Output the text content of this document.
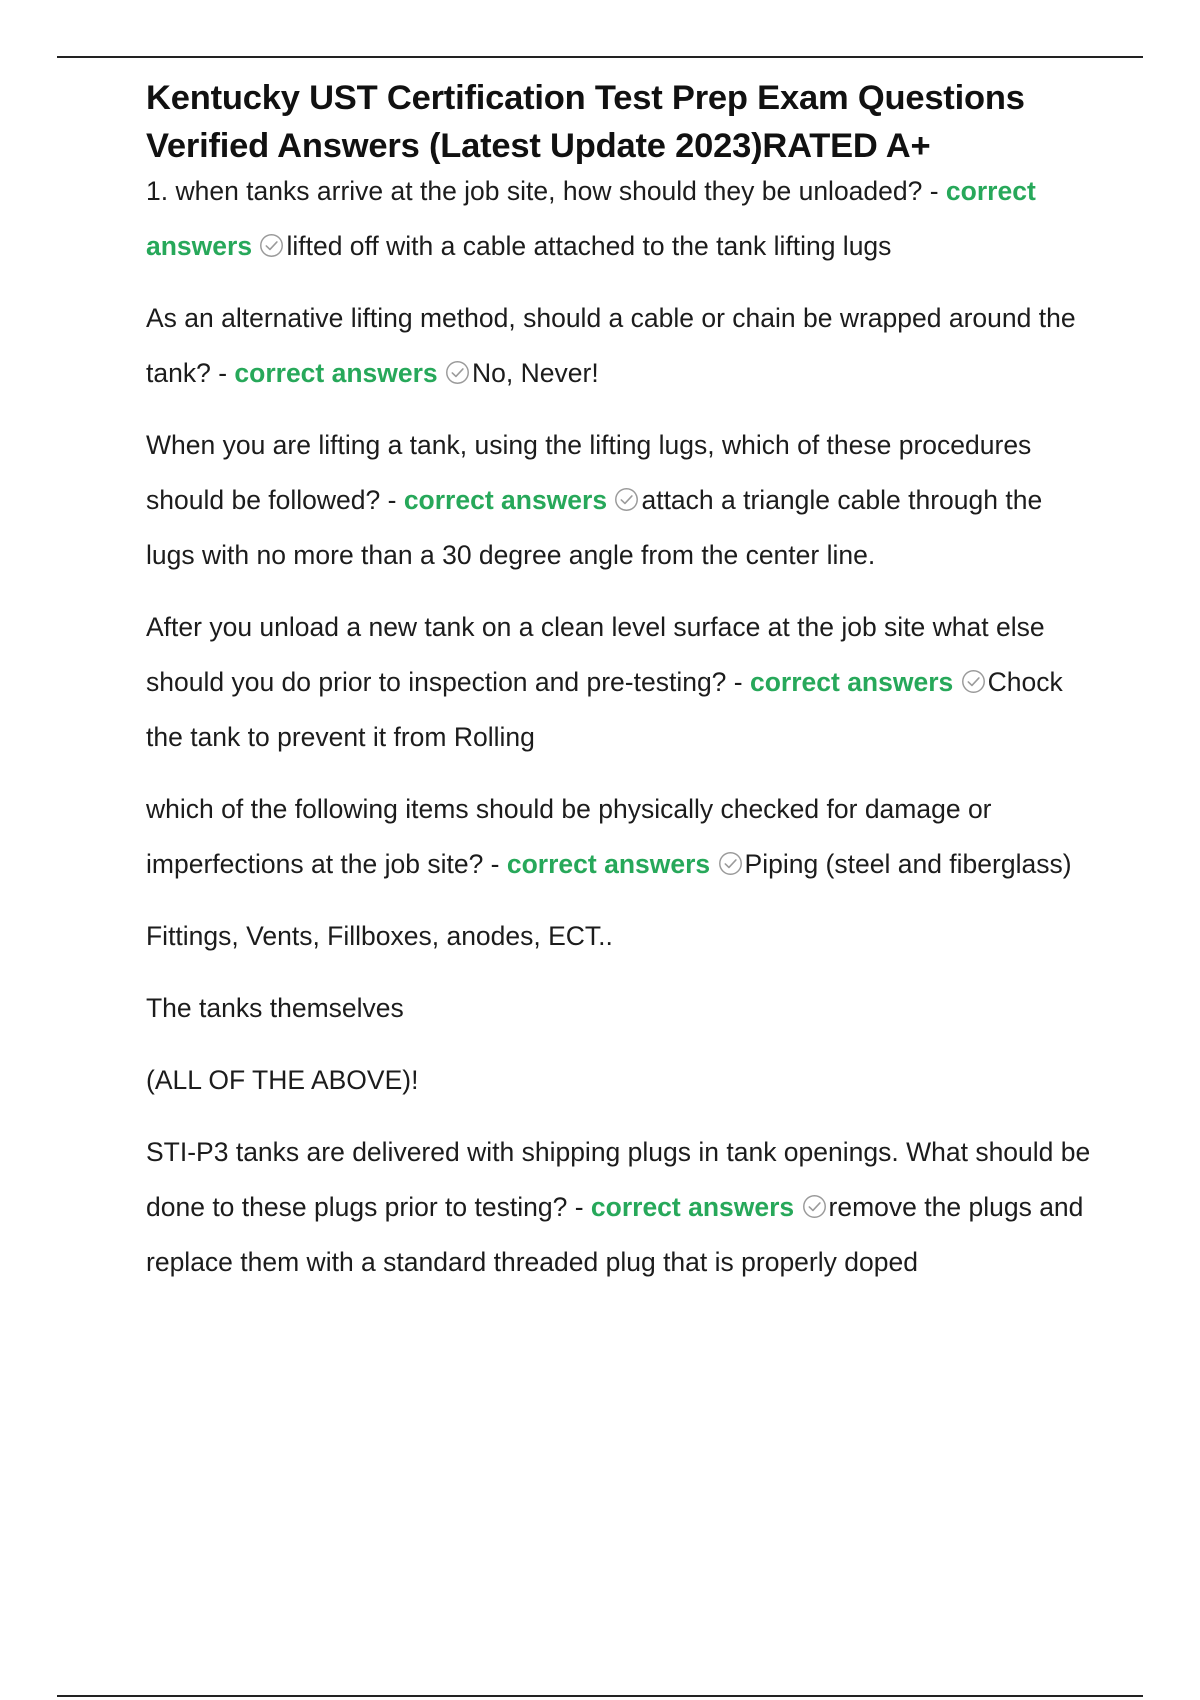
Kentucky UST Certification Test Prep Exam Questions
Verified Answers (Latest Update 2023)RATED A+

1. when tanks arrive at the job site, how should they be unloaded? - correct answers lifted off with a cable attached to the tank lifting lugs

As an alternative lifting method, should a cable or chain be wrapped around the tank? - correct answers No, Never!

When you are lifting a tank, using the lifting lugs, which of these procedures should be followed? - correct answers attach a triangle cable through the lugs with no more than a 30 degree angle from the center line.

After you unload a new tank on a clean level surface at the job site what else should you do prior to inspection and pre-testing? - correct answers Chock the tank to prevent it from Rolling

which of the following items should be physically checked for damage or imperfections at the job site? - correct answers Piping (steel and fiberglass)

Fittings, Vents, Fillboxes, anodes, ECT..

The tanks themselves

(ALL OF THE ABOVE)!

STI-P3 tanks are delivered with shipping plugs in tank openings. What should be done to these plugs prior to testing? - correct answers remove the plugs and replace them with a standard threaded plug that is properly doped
